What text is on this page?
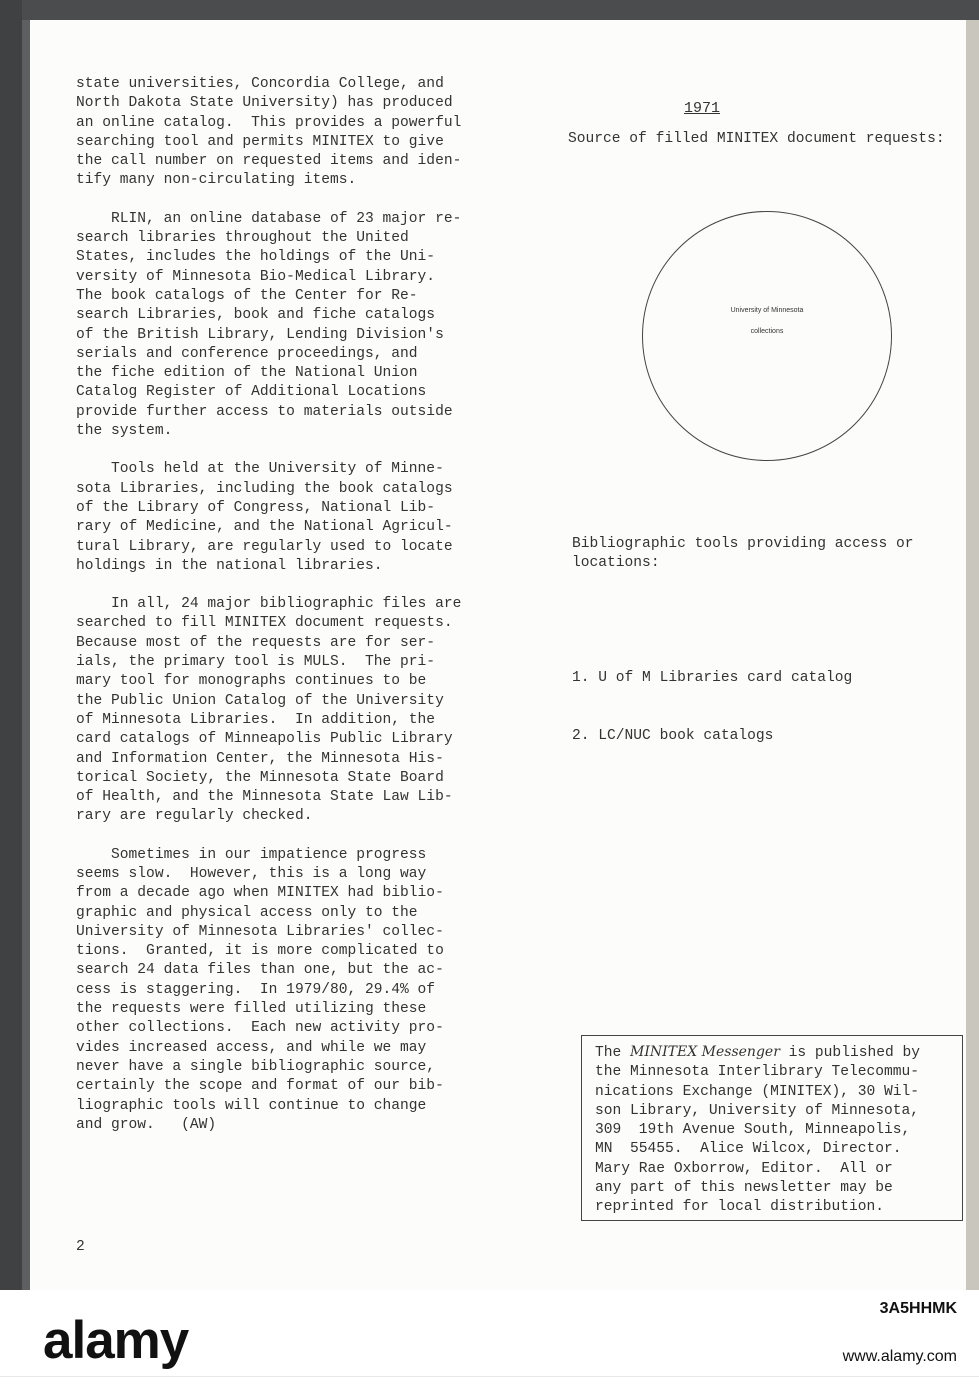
state universities, Concordia College, and
North Dakota State University) has produced
an online catalog.  This provides a powerful
searching tool and permits MINITEX to give
the call number on requested items and iden-
tify many non-circulating items.

RLIN, an online database of 23 major re-
search libraries throughout the United
States, includes the holdings of the Uni-
versity of Minnesota Bio-Medical Library.
The book catalogs of the Center for Re-
search Libraries, book and fiche catalogs
of the British Library, Lending Division's
serials and conference proceedings, and
the fiche edition of the National Union
Catalog Register of Additional Locations
provide further access to materials outside
the system.

Tools held at the University of Minne-
sota Libraries, including the book catalogs
of the Library of Congress, National Lib-
rary of Medicine, and the National Agricul-
tural Library, are regularly used to locate
holdings in the national libraries.

In all, 24 major bibliographic files are
searched to fill MINITEX document requests.
Because most of the requests are for ser-
ials, the primary tool is MULS.  The pri-
mary tool for monographs continues to be
the Public Union Catalog of the University
of Minnesota Libraries.  In addition, the
card catalogs of Minneapolis Public Library
and Information Center, the Minnesota His-
torical Society, the Minnesota State Board
of Health, and the Minnesota State Law Lib-
rary are regularly checked.

Sometimes in our impatience progress
seems slow.  However, this is a long way
from a decade ago when MINITEX had biblio-
graphic and physical access only to the
University of Minnesota Libraries' collec-
tions.  Granted, it is more complicated to
search 24 data files than one, but the ac-
cess is staggering.  In 1979/80, 29.4% of
the requests were filled utilizing these
other collections.  Each new activity pro-
vides increased access, and while we may
never have a single bibliographic source,
certainly the scope and format of our bib-
liographic tools will continue to change
and grow.   (AW)

1971
Source of filled MINITEX document requests:
University of Minnesota
collections

Bibliographic tools providing access or
locations:

1. U of M Libraries card catalog

2. LC/NUC book catalogs

The MINITEX Messenger is published by
the Minnesota Interlibrary Telecommu-
nications Exchange (MINITEX), 30 Wil-
son Library, University of Minnesota,
309  19th Avenue South, Minneapolis,
MN  55455.  Alice Wilcox, Director.
Mary Rae Oxborrow, Editor.  All or
any part of this newsletter may be
reprinted for local distribution.
2
alamy
3A5HHMK
www.alamy.com
